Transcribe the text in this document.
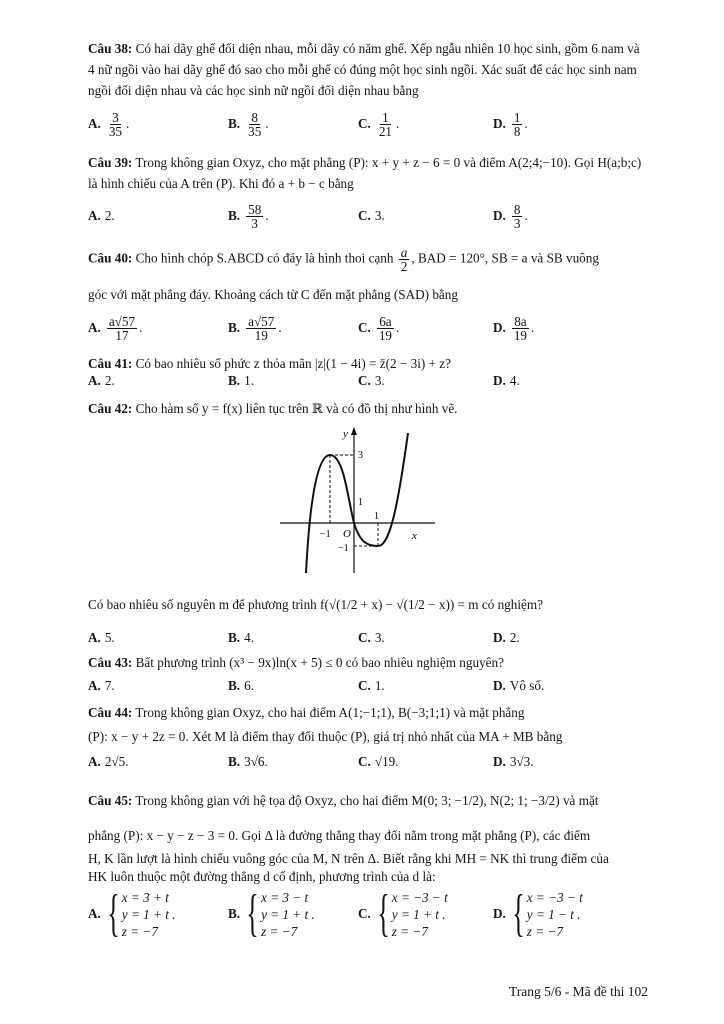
Câu 38: Có hai dãy ghế đối diện nhau, mỗi dãy có năm ghế. Xếp ngẫu nhiên 10 học sinh, gồm 6 nam và 4 nữ ngồi vào hai dãy ghế đó sao cho mỗi ghế có đúng một học sinh ngồi. Xác suất để các học sinh nam ngồi đối diện nhau và các học sinh nữ ngồi đối diện nhau bằng
A. $\frac{3}{35}$ .	B. $\frac{8}{35}$ .	C. $\frac{1}{21}$ .	D. $\frac{1}{8}$ .
Câu 39: Trong không gian Oxyz, cho mặt phẳng (P): x + y + z − 6 = 0 và điểm A(2;4;−10). Gọi H(a;b;c) là hình chiếu của A trên (P). Khi đó a + b − c bằng
A. 2.	B. $\frac{58}{3}$ .	C. 3.	D. $\frac{8}{3}$ .
Câu 40: Cho hình chóp S.ABCD có đáy là hình thoi cạnh $\frac{a}{2}$ , BAD = 120°, SB = a và SB vuông
góc với mặt phẳng đáy. Khoảng cách từ C đến mặt phẳng (SAD) bằng
A. $\frac{a√57}{17}$ .	B. $\frac{a√57}{19}$ .	C. $\frac{6a}{19}$ .	D. $\frac{8a}{19}$ .
Câu 41: Có bao nhiêu số phức z thỏa mãn |z|(1 − 4i) = z̄(2 − 3i) + z?
A. 2.	B. 1.	C. 3.	D. 4.
Câu 42: Cho hàm số y = f(x) liên tục trên ℝ và có đồ thị như hình vẽ.
y
x
O
3
1
1
−1
−1
Có bao nhiêu số nguyên m để phương trình f(√(1/2 + x) − √(1/2 − x)) = m có nghiệm?
A. 5.	B. 4.	C. 3.	D. 2.
Câu 43: Bất phương trình (x³ − 9x)ln(x + 5) ≤ 0 có bao nhiêu nghiệm nguyên?
A. 7.	B. 6.	C. 1.	D. Vô số.
Câu 44: Trong không gian Oxyz, cho hai điểm A(1;−1;1), B(−3;1;1) và mặt phẳng
(P): x − y + 2z = 0. Xét M là điểm thay đổi thuộc (P), giá trị nhỏ nhất của MA + MB bằng
A. 2√5.	B. 3√6.	C. √19.	D. 3√3.
Câu 45: Trong không gian với hệ tọa độ Oxyz, cho hai điểm M(0; 3; −1/2), N(2; 1; −3/2) và mặt
phẳng (P): x − y − z − 3 = 0. Gọi Δ là đường thẳng thay đổi nằm trong mặt phẳng (P), các điểm
H, K lần lượt là hình chiếu vuông góc của M, N trên Δ. Biết rằng khi MH = NK thì trung điểm của
HK luôn thuộc một đường thẳng d cố định, phương trình của d là:
A. { x = 3 + t
y = 1 + t .
z = −7
B. { x = 3 − t
y = 1 + t .
z = −7
C. { x = −3 − t
y = 1 + t .
z = −7
D. { x = −3 − t
y = 1 − t .
z = −7
Trang 5/6 - Mã đề thi 102
